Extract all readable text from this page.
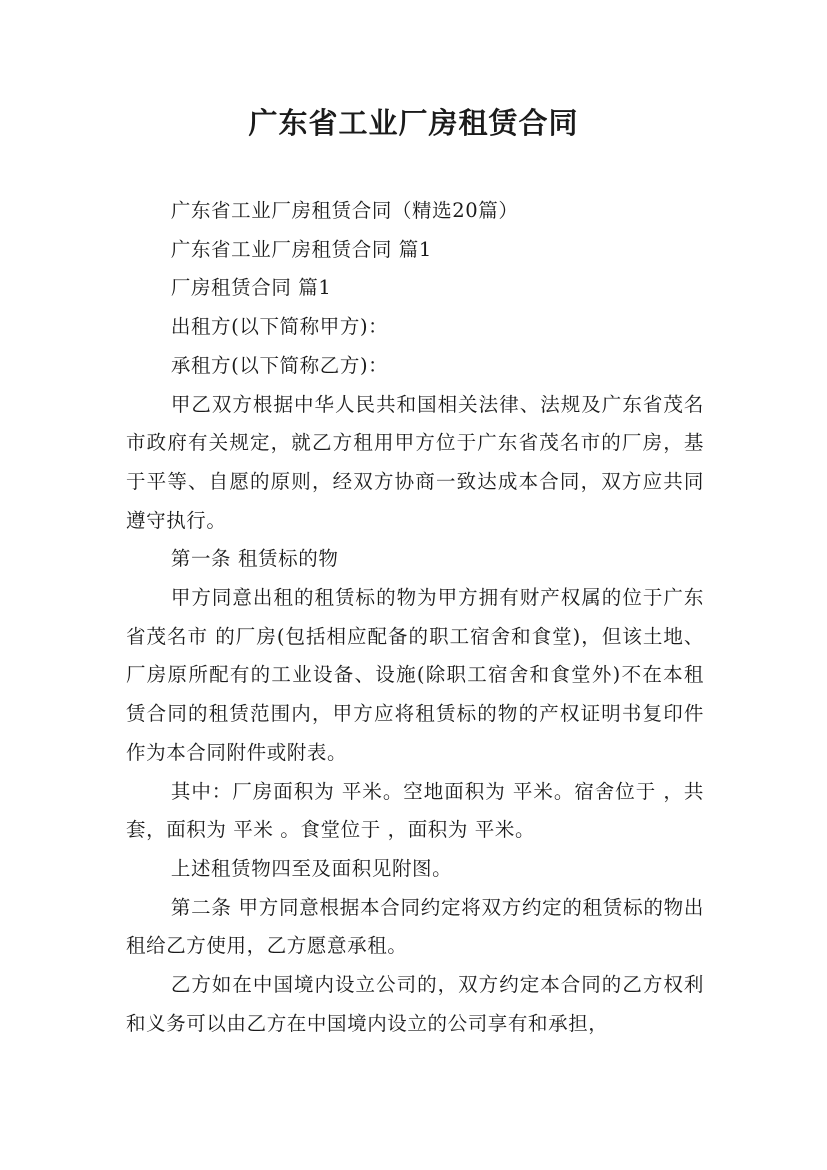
广东省工业厂房租赁合同

广东省工业厂房租赁合同（精选20篇）

广东省工业厂房租赁合同 篇1

厂房租赁合同 篇1

出租方(以下简称甲方)：

承租方(以下简称乙方)：

甲乙双方根据中华人民共和国相关法律、法规及广东省茂名市政府有关规定，就乙方租用甲方位于广东省茂名市的厂房，基于平等、自愿的原则，经双方协商一致达成本合同，双方应共同遵守执行。

第一条 租赁标的物

甲方同意出租的租赁标的物为甲方拥有财产权属的位于广东省茂名市 的厂房(包括相应配备的职工宿舍和食堂)，但该土地、厂房原所配有的工业设备、设施(除职工宿舍和食堂外)不在本租赁合同的租赁范围内，甲方应将租赁标的物的产权证明书复印件作为本合同附件或附表。

其中：厂房面积为 平米。空地面积为 平米。宿舍位于 ，共 套，面积为 平米 。食堂位于 ，面积为 平米。

上述租赁物四至及面积见附图。

第二条 甲方同意根据本合同约定将双方约定的租赁标的物出租给乙方使用，乙方愿意承租。

乙方如在中国境内设立公司的，双方约定本合同的乙方权利和义务可以由乙方在中国境内设立的公司享有和承担，
